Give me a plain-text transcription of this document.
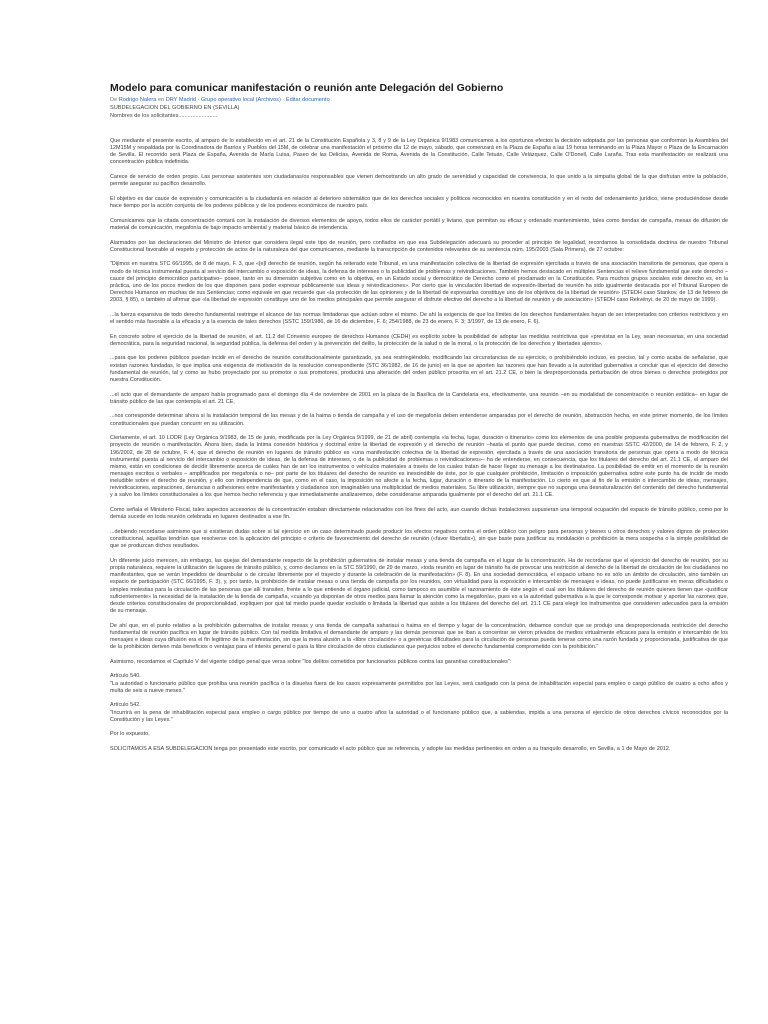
Modelo para comunicar manifestación o reunión ante Delegación del Gobierno
De Rodrigo Nalera en DRY Madrid - Grupo operativo local (Archivos) · Editar documento
SUBDELEGACION DEL GOBIERNO EN (SEVILLA)
Nombres de los solicitantes.........................

Que mediante el presente escrito, al amparo de lo establecido en el art. 21 de la Constitución Española y 3, 8 y 9 de la Ley Orgánica 9/1983 comunicamos a los oportunos efectos la decisión adoptada por las personas que conforman la Asamblea del 12M15M y respaldada por la Coordinadora de Barrios y Pueblos del 15M, de celebrar una manifestación el próximo día 12 de mayo, sábado, que comenzará en la Plaza de España a las 19 horas terminando en la Plaza Mayor o Plaza de la Encarnación de Sevilla. El recorrido será Plaza de España, Avenida de María Luisa, Paseo de las Delicias, Avenida de Roma, Avenida de la Constitución, Calle Tetuán, Calle Velázquez, Calle O'Donell, Calle Laraña. Tras esta manifestación se realizará una concentración pública indefinida.

Carece de servicio de orden propio. Las personas asistentes son ciudadanas/os responsables que vienen demostrando un alto grado de serenidad y capacidad de convivencia, lo que unido a la simpatía global de la que disfrutan entre la población, permite asegurar su pacífico desarrollo.

El objetivo es dar cauce de expresión y comunicación a la ciudadanía en relación al deterioro sistemático que de los derechos sociales y políticos reconocidos en nuestra constitución y en el resto del ordenamiento jurídico, viene produciéndose desde hace tiempo por la acción conjunta de los poderes públicos y de los poderes económicos de nuestro país.

Comunicamos que la citada concentración contará con la instalación de diversos elementos de apoyo, todos ellos de carácter portátil y liviano, que permitan su eficaz y ordenado mantenimiento, tales como tiendas de campaña, mesas de difusión de material de comunicación, megafonía de bajo impacto ambiental y material básico de intendencia.

Alarmados por las declaraciones del Ministro de Interior que considera ilegal este tipo de reunión, pero confiados en que esa Subdelegación adecuará su proceder al principio de legalidad, recordamos la consolidada doctrina de nuestro Tribunal Constitucional favorable al respeto y protección de actos de la naturaleza del que comunicamos, mediante la transcripción de contenidos relevantes de su sentencia núm. 195/2003 (Sala Primera), de 27 octubre:

"Dijimos en nuestra STC 66/1995, de 8 de mayo, F. 3, que «[e]l derecho de reunión, según ha reiterado este Tribunal, es una manifestación colectiva de la libertad de expresión ejercitada a través de una asociación transitoria de personas, que opera a modo de técnica instrumental puesta al servicio del intercambio o exposición de ideas, la defensa de intereses o la publicidad de problemas y reivindicaciones. También hemos destacado en múltiples Sentencias el relieve fundamental que este derecho –cauce del principio democrático participativo– posee, tanto en su dimensión subjetiva como en la objetiva, en un Estado social y democrático de Derecho como el proclamado en la Constitución. Para muchos grupos sociales este derecho es, en la práctica, uno de los pocos medios de los que disponen para poder expresar públicamente sus ideas y reivindicaciones». Por cierto que la vinculación libertad de expresión-libertad de reunión ha sido igualmente destacada por el Tribunal Europeo de Derechos Humanos en muchas de sus Sentencias; como equivale en que recuerde que «la protección de las opiniones y de la libertad de expresarlas constituye uno de los objetivos de la libertad de reunión» (STEDH caso Stankov, de 13 de febrero de 2003, § 85), o también al afirmar que «la libertad de expresión constituye uno de los medios principales que permite asegurar el disfrute efectivo del derecho a la libertad de reunión y de asociación» (STEDH caso Rekvényi, de 20 de mayo de 1999).

...la fuerza expansiva de todo derecho fundamental restringe el alcance de las normas limitadoras que actúan sobre el mismo. De ahí la exigencia de que los límites de los derechos fundamentales hayan de ser interpretados con criterios restrictivos y en el sentido más favorable a la eficacia y a la esencia de tales derechos (SSTC 159/1986, de 16 de diciembre, F. 6; 254/1988, de 23 de enero, F. 3; 3/1997, de 13 de enero, F. 6).

En concreto sobre el ejercicio de la libertad de reunión, el art. 11.2 del Convenio europeo de derechos Humanos (CEDH) es explícito sobre la posibilidad de adoptar las medidas restrictivas que «previstas en la Ley, sean necesarias, en una sociedad democrática, para la seguridad nacional, la seguridad pública, la defensa del orden y la prevención del delito, la protección de la salud o de la moral, o la protección de los derechos y libertades ajenos».

...para que los poderes públicos puedan incidir en el derecho de reunión constitucionalmente garantizado, ya sea restringiéndolo, modificando las circunstancias de su ejercicio, o prohibiéndolo incluso, es preciso, tal y como acaba de señalarse, que existan razones fundadas, lo que implica una exigencia de motivación de la resolución correspondiente (STC 36/1982, de 16 de junio) en la que se aporten las razones que han llevado a la autoridad gubernativa a concluir que el ejercicio del derecho fundamental de reunión, tal y como se hubo proyectado por su promotor o sus promotores, producirá una alteración del orden público proscrita en el art. 21.2 CE, o bien la desproporcionada perturbación de otros bienes o derechos protegidos por nuestra Constitución.

...el acto que el demandante de amparo había programado para el domingo día 4 de noviembre de 2001 en la plaza de la Basílica de la Candelaria era, efectivamente, una reunión –en su modalidad de concentración o reunión estática– en lugar de tránsito público de las que contempla el art. 21 CE,

...nos corresponde determinar ahora si la instalación temporal de las mesas y de la haima o tienda de campaña y el uso de megafonía deben entenderse amparadas por el derecho de reunión, abstracción hecha, en este primer momento, de los límites constitucionales que puedan concurrir en su utilización.

Ciertamente, el art. 10 LODR (Ley Orgánica 9/1983, de 15 de junio, modificada por la Ley Orgánica 9/1999, de 21 de abril) contempla «la fecha, lugar, duración o itinerario» como los elementos de una posible propuesta gubernativa de modificación del proyecto de reunión o manifestación. Ahora bien, dada la íntima conexión histórica y doctrinal entre la libertad de expresión y el derecho de reunión –hasta el punto que puede decirse, como en nuestras SSTC 42/2000, de 14 de febrero, F. 2, y 196/2002, de 28 de octubre, F. 4, que el derecho de reunión en lugares de tránsito público es «una manifestación colectiva de la libertad de expresión, ejercitada a través de una asociación transitoria de personas que opera a modo de técnica instrumental puesta al servicio del intercambio o exposición de ideas, de la defensa de intereses, o de la publicidad de problemas o reivindicaciones»– ha de entenderse, en consecuencia, que los titulares del derecho del art. 21.1 CE, el amparo del mismo, están en condiciones de decidir libremente acerca de cuáles han de ser los instrumentos o vehículos materiales a través de los cuales tratan de hacer llegar su mensaje a los destinatarios. La posibilidad de emitir en el momento de la reunión mensajes escritos o verbales – amplificados por megafonía o no– por parte de los titulares del derecho de reunión es inescindible de éste, por lo que cualquier prohibición, limitación o imposición gubernativa sobre este punto ha de incidir de modo ineludible sobre el derecho de reunión, y ello con independencia de que, como en el caso, la imposición no afecte a la fecha, lugar, duración o itinerario de la manifestación. Lo cierto es que al fin de la emisión o intercambio de ideas, mensajes, reivindicaciones, aspiraciones, denuncias o adhesiones entre manifestantes y ciudadanos son imaginables una multiplicidad de medios materiales. Su libre utilización, siempre que no suponga una desnaturalización del contenido del derecho fundamental y a salvo los límites constitucionales a los que hemos hecho referencia y que inmediatamente analizaremos, debe considerarse amparada igualmente por el derecho del art. 21.1 CE.

Como señala el Ministerio Fiscal, tales aspectos accesorios de la concentración estaban directamente relacionados con los fines del acto, aun cuando dichas instalaciones supusieran una temporal ocupación del espacio de tránsito público, como por lo demás sucede en toda reunión celebrada en lugares destinados a ese fin.

...debiendo recordarse asimismo que si existieran dudas sobre si tal ejercicio en un caso determinado puede producir los efectos negativos contra el orden público con peligro para personas y bienes u otros derechos y valores dignos de protección constitucional, aquéllas tendrían que resolverse con la aplicación del principio o criterio de favorecimiento del derecho de reunión («favor libertatis»), sin que baste para justificar su modulación o prohibición la mera sospecha o la simple posibilidad de que se produzcan dichos resultados.

Un diferente juicio merecen, sin embargo, las quejas del demandante respecto de la prohibición gubernativa de instalar mesas y una tienda de campaña en el lugar de la concentración. Ha de recordarse que el ejercicio del derecho de reunión, por su propia naturaleza, requiere la utilización de lugares de tránsito público, y, como decíamos en la STC 59/1990, de 29 de marzo, «toda reunión en lugar de tránsito ha de provocar una restricción al derecho de la libertad de circulación de los ciudadanos no manifestantes, que se verán impedidos de deambular o de circular libremente por el trayecto y durante la celebración de la manifestación» (F. 8). En una sociedad democrática, el espacio urbano no es sólo un ámbito de circulación, sino también un espacio de participación (STC 66/1995, F. 3), y, por tanto, la prohibición de instalar mesas o una tienda de campaña por los reunidos, con virtualidad para la exposición e intercambio de mensajes e ideas, no puede justificarse en meras dificultades o simples molestias para la circulación de las personas que allí transiten, frente a lo que entiende el órgano judicial, como tampoco es asumible el razonamiento de éste según el cual son los titulares del derecho de reunión quienes tienen que «justificar suficientemente» la necesidad de la instalación de la tienda de campaña, «cuando ya disponían de otros medios para llamar la atención como la megafonía», pues es a la autoridad gubernativa a la que le corresponde motivar y aportar las razones que, desde criterios constitucionales de proporcionalidad, expliquen por qué tal medio puede quedar excluido o limitada la libertad que asiste a los titulares del derecho del art. 21.1 CE para elegir los instrumentos que consideren adecuados para la emisión de su mensaje.

De ahí que, en el punto relativo a la prohibición gubernativa de instalar mesas y una tienda de campaña sahariaui o haima en el tiempo y lugar de la concentración, debamos concluir que se produjo una desproporcionada restricción del derecho fundamental de reunión pacífica en lugar de tránsito público. Con tal medida limitativa el demandante de amparo y las demás personas que se iban a concentrar se vieron privados de medios virtualmente eficaces para la emisión e intercambio de los mensajes e ideas cuya difusión era el fin legítimo de la manifestación, sin que la mera alusión a la «libre circulación» o a genéricas dificultades para la circulación de personas pueda tenerse como una razón fundada y proporcionada, justificativa de que de la prohibición deriven más beneficios o ventajas para el interés general o para la libre circulación de otros ciudadanos que perjuicios sobre el derecho fundamental comprometido con la prohibición."

Asimismo, recordamos el Capítulo V del vigente código penal que versa sobre "los delitos cometidos por funcionarios públicos contra las garantías constitucionales":

Artículo 540.
"La autoridad o funcionario público que prohíba una reunión pacífica o la disuelva fuera de los casos expresamente permitidos por las Leyes, será castigado con la pena de inhabilitación especial para empleo o cargo público de cuatro a ocho años y multa de seis a nueve meses."

Artículo 542.
"Incurrirá en la pena de inhabilitación especial para empleo o cargo público por tiempo de uno a cuatro años la autoridad o el funcionario público que, a sabiendas, impida a una persona el ejercicio de otros derechos cívicos reconocidos por la Constitución y las Leyes."

Por lo expuesto,

SOLICITAMOS A ESA SUBDELEGACION tenga por presentado este escrito, por comunicado el acto público que se referencia, y adopte las medidas pertinentes en orden a su tranquilo desarrollo, en Sevilla, a 1 de Mayo de 2012.
